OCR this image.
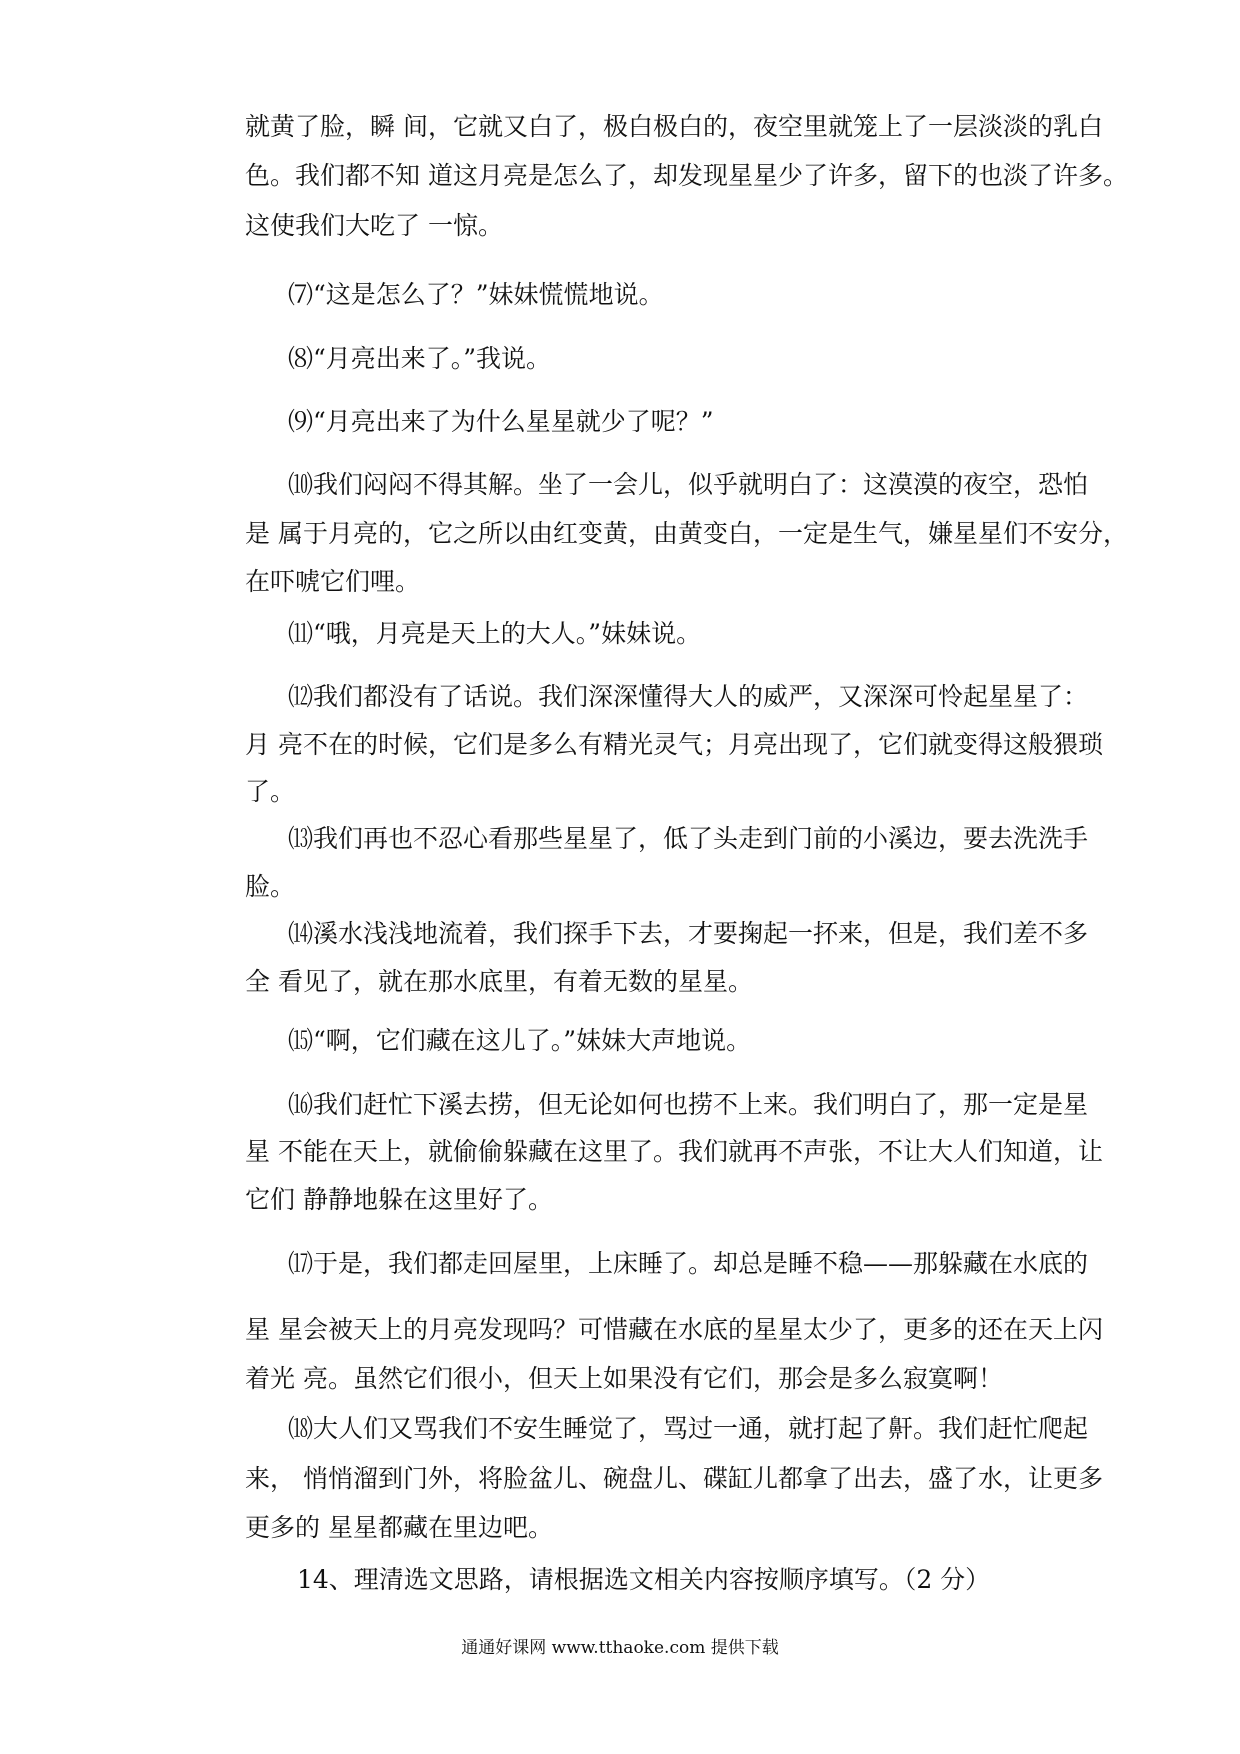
就黄了脸，瞬 间，它就又白了，极白极白的，夜空里就笼上了一层淡淡的乳白
色。我们都不知 道这月亮是怎么了，却发现星星少了许多，留下的也淡了许多。
这使我们大吃了 一惊。
⑺“这是怎么了？”妹妹慌慌地说。
⑻“月亮出来了。”我说。
⑼“月亮出来了为什么星星就少了呢？”
⑽我们闷闷不得其解。坐了一会儿，似乎就明白了：这漠漠的夜空，恐怕
是 属于月亮的，它之所以由红变黄，由黄变白，一定是生气，嫌星星们不安分，
在吓唬它们哩。
⑾“哦，月亮是天上的大人。”妹妹说。
⑿我们都没有了话说。我们深深懂得大人的威严，又深深可怜起星星了：
月 亮不在的时候，它们是多么有精光灵气；月亮出现了，它们就变得这般猥琐
了。
⒀我们再也不忍心看那些星星了，低了头走到门前的小溪边，要去洗洗手
脸。
⒁溪水浅浅地流着，我们探手下去，才要掬起一抔来，但是，我们差不多
全 看见了，就在那水底里，有着无数的星星。
⒂“啊，它们藏在这儿了。”妹妹大声地说。
⒃我们赶忙下溪去捞，但无论如何也捞不上来。我们明白了，那一定是星
星 不能在天上，就偷偷躲藏在这里了。我们就再不声张，不让大人们知道，让
它们 静静地躲在这里好了。
⒄于是，我们都走回屋里，上床睡了。却总是睡不稳——那躲藏在水底的
星 星会被天上的月亮发现吗？可惜藏在水底的星星太少了，更多的还在天上闪
着光 亮。虽然它们很小，但天上如果没有它们，那会是多么寂寞啊！
⒅大人们又骂我们不安生睡觉了，骂过一通，就打起了鼾。我们赶忙爬起
来， 悄悄溜到门外，将脸盆儿、碗盘儿、碟缸儿都拿了出去，盛了水，让更多
更多的 星星都藏在里边吧。
14、理清选文思路，请根据选文相关内容按顺序填写。（2 分）
通通好课网 www.tthaoke.com 提供下载
